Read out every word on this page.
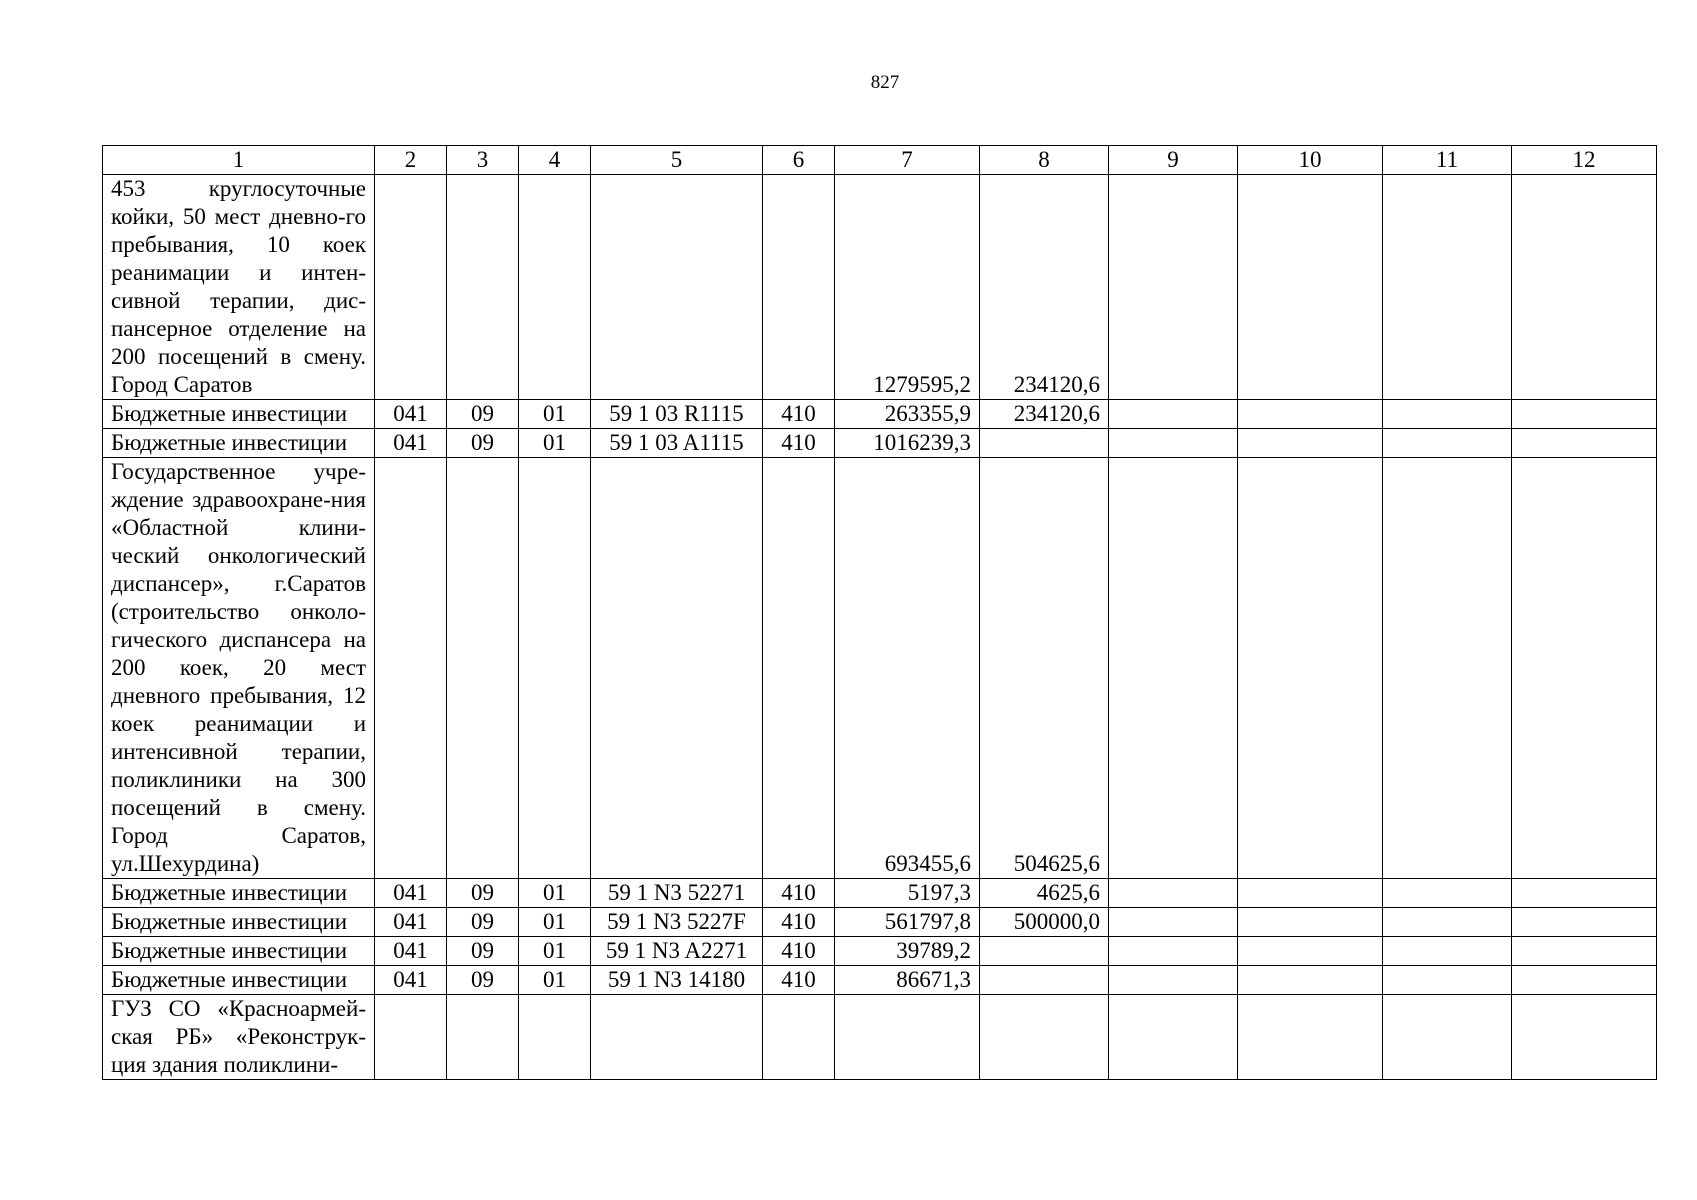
827
1	2	3	4	5	6	7	8	9	10	11	12
453 круглосуточные койки, 50 мест дневно-го пребывания, 10 коек реанимации и интен-сивной терапии, дис-пансерное отделение на 200 посещений в смену. Город Саратов						1279595,2	234120,6				
Бюджетные инвестиции	041	09	01	59 1 03 R1115	410	263355,9	234120,6				
Бюджетные инвестиции	041	09	01	59 1 03 A1115	410	1016239,3					
Государственное учре-ждение здравоохране-ния «Областной клини-ческий онкологический диспансер», г.Саратов (строительство онколо-гического диспансера на 200 коек, 20 мест дневного пребывания, 12 коек реанимации и интенсивной терапии, поликлиники на 300 посещений в смену. Город Саратов, ул.Шехурдина)						693455,6	504625,6				
Бюджетные инвестиции	041	09	01	59 1 N3 52271	410	5197,3	4625,6				
Бюджетные инвестиции	041	09	01	59 1 N3 5227F	410	561797,8	500000,0				
Бюджетные инвестиции	041	09	01	59 1 N3 A2271	410	39789,2					
Бюджетные инвестиции	041	09	01	59 1 N3 14180	410	86671,3					
ГУЗ СО «Красноармей-ская РБ» «Реконструк-ция здания поликлини-											
